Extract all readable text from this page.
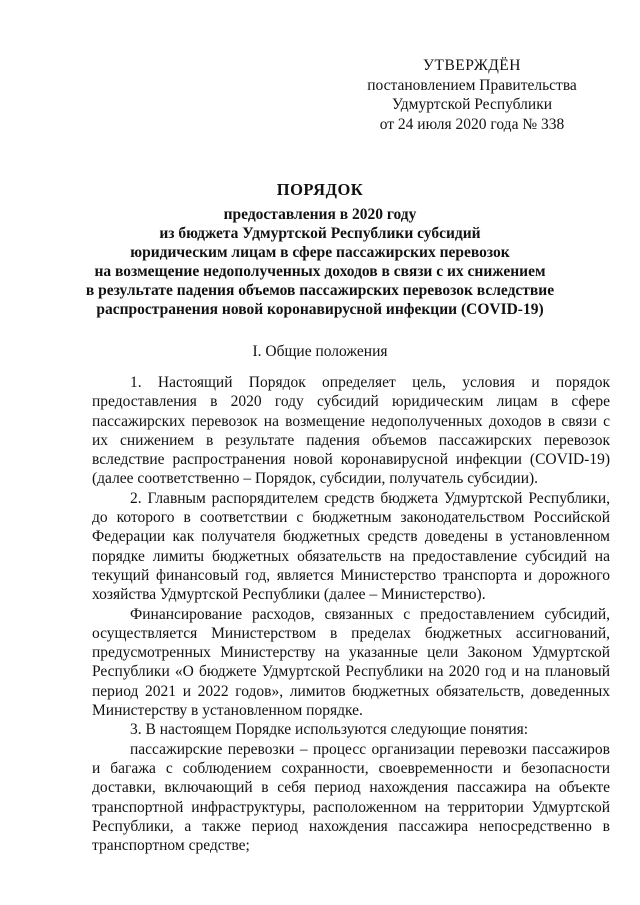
УТВЕРЖДЁН
постановлением Правительства
Удмуртской Республики
от 24 июля 2020 года № 338
ПОРЯДОК
предоставления в 2020 году
из бюджета Удмуртской Республики субсидий
юридическим лицам в сфере пассажирских перевозок
на возмещение недополученных доходов в связи с их снижением
в результате падения объемов пассажирских перевозок вследствие
распространения новой коронавирусной инфекции (COVID-19)
I. Общие положения

1. Настоящий Порядок определяет цель, условия и порядок предоставления в 2020 году субсидий юридическим лицам в сфере пассажирских перевозок на возмещение недополученных доходов в связи с их снижением в результате падения объемов пассажирских перевозок вследствие распространения новой коронавирусной инфекции (COVID-19) (далее соответственно – Порядок, субсидии, получатель субсидии).

2. Главным распорядителем средств бюджета Удмуртской Республики, до которого в соответствии с бюджетным законодательством Российской Федерации как получателя бюджетных средств доведены в установленном порядке лимиты бюджетных обязательств на предоставление субсидий на текущий финансовый год, является Министерство транспорта и дорожного хозяйства Удмуртской Республики (далее – Министерство).

Финансирование расходов, связанных с предоставлением субсидий, осуществляется Министерством в пределах бюджетных ассигнований, предусмотренных Министерству на указанные цели Законом Удмуртской Республики «О бюджете Удмуртской Республики на 2020 год и на плановый период 2021 и 2022 годов», лимитов бюджетных обязательств, доведенных Министерству в установленном порядке.

3. В настоящем Порядке используются следующие понятия:

пассажирские перевозки – процесс организации перевозки пассажиров и багажа с соблюдением сохранности, своевременности и безопасности доставки, включающий в себя период нахождения пассажира на объекте транспортной инфраструктуры, расположенном на территории Удмуртской Республики, а также период нахождения пассажира непосредственно в транспортном средстве;
